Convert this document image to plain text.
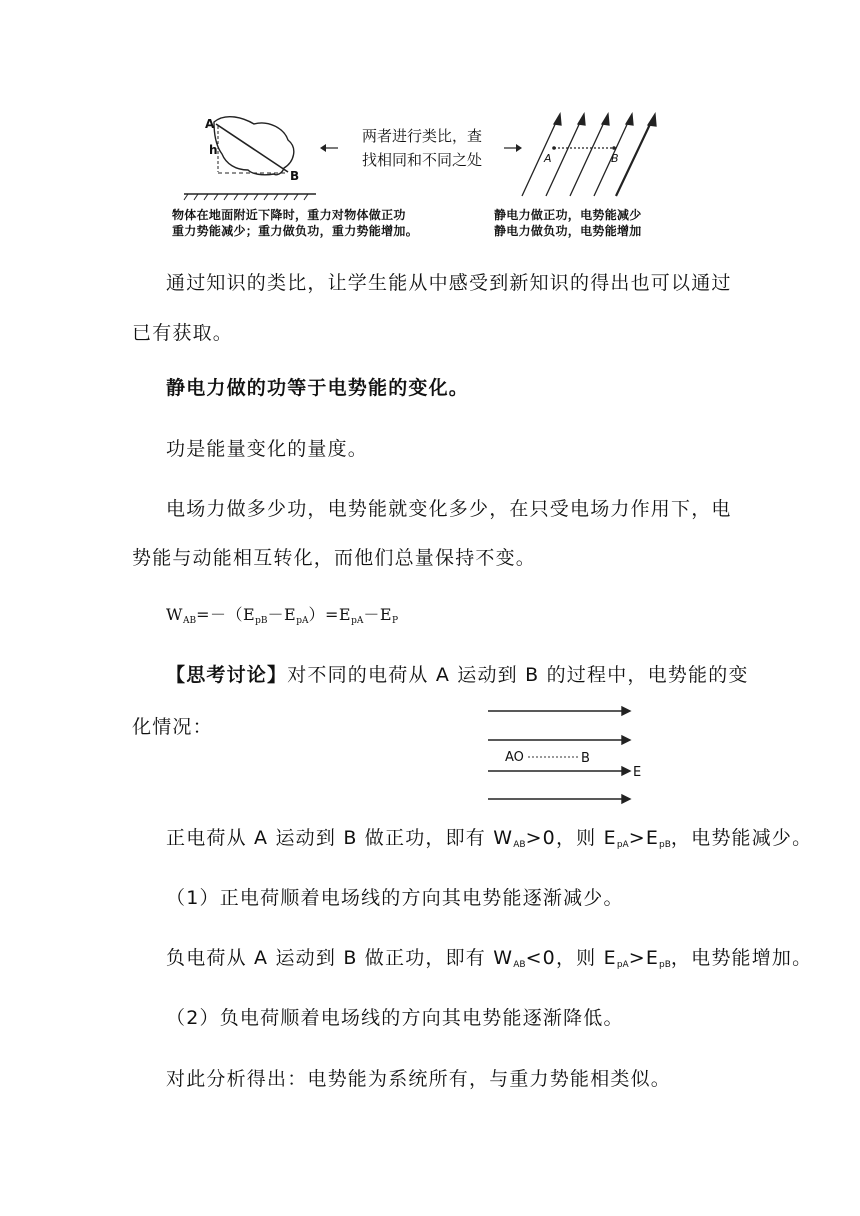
A
h
B
两者进行类比，查
找相同和不同之处	A	B
物体在地面附近下降时，重力对物体做正功
重力势能减少；重力做负功，重力势能增加。
静电力做正功，电势能减少
静电力做负功，电势能增加
通过知识的类比，让学生能从中感受到新知识的得出也可以通过
已有获取。
静电力做的功等于电势能的变化。
功是能量变化的量度。
电场力做多少功，电势能就变化多少，在只受电场力作用下，电
势能与动能相互转化，而他们总量保持不变。
$W_{AB}=-(E_{pB}-E_{pA})=E_{pA}-E_P$
【思考讨论】对不同的电荷从 A 运动到 B 的过程中，电势能的变
化情况：
AO	B
E
正电荷从 A 运动到 B 做正功，即有 $W_{AB}>0$，则 $E_{pA}>E_{pB}$，电势能减少。
（1）正电荷顺着电场线的方向其电势能逐渐减少。
负电荷从 A 运动到 B 做正功，即有 $W_{AB}<0$，则 $E_{pA}>E_{pB}$，电势能增加。
（2）负电荷顺着电场线的方向其电势能逐渐降低。
对此分析得出：电势能为系统所有，与重力势能相类似。
